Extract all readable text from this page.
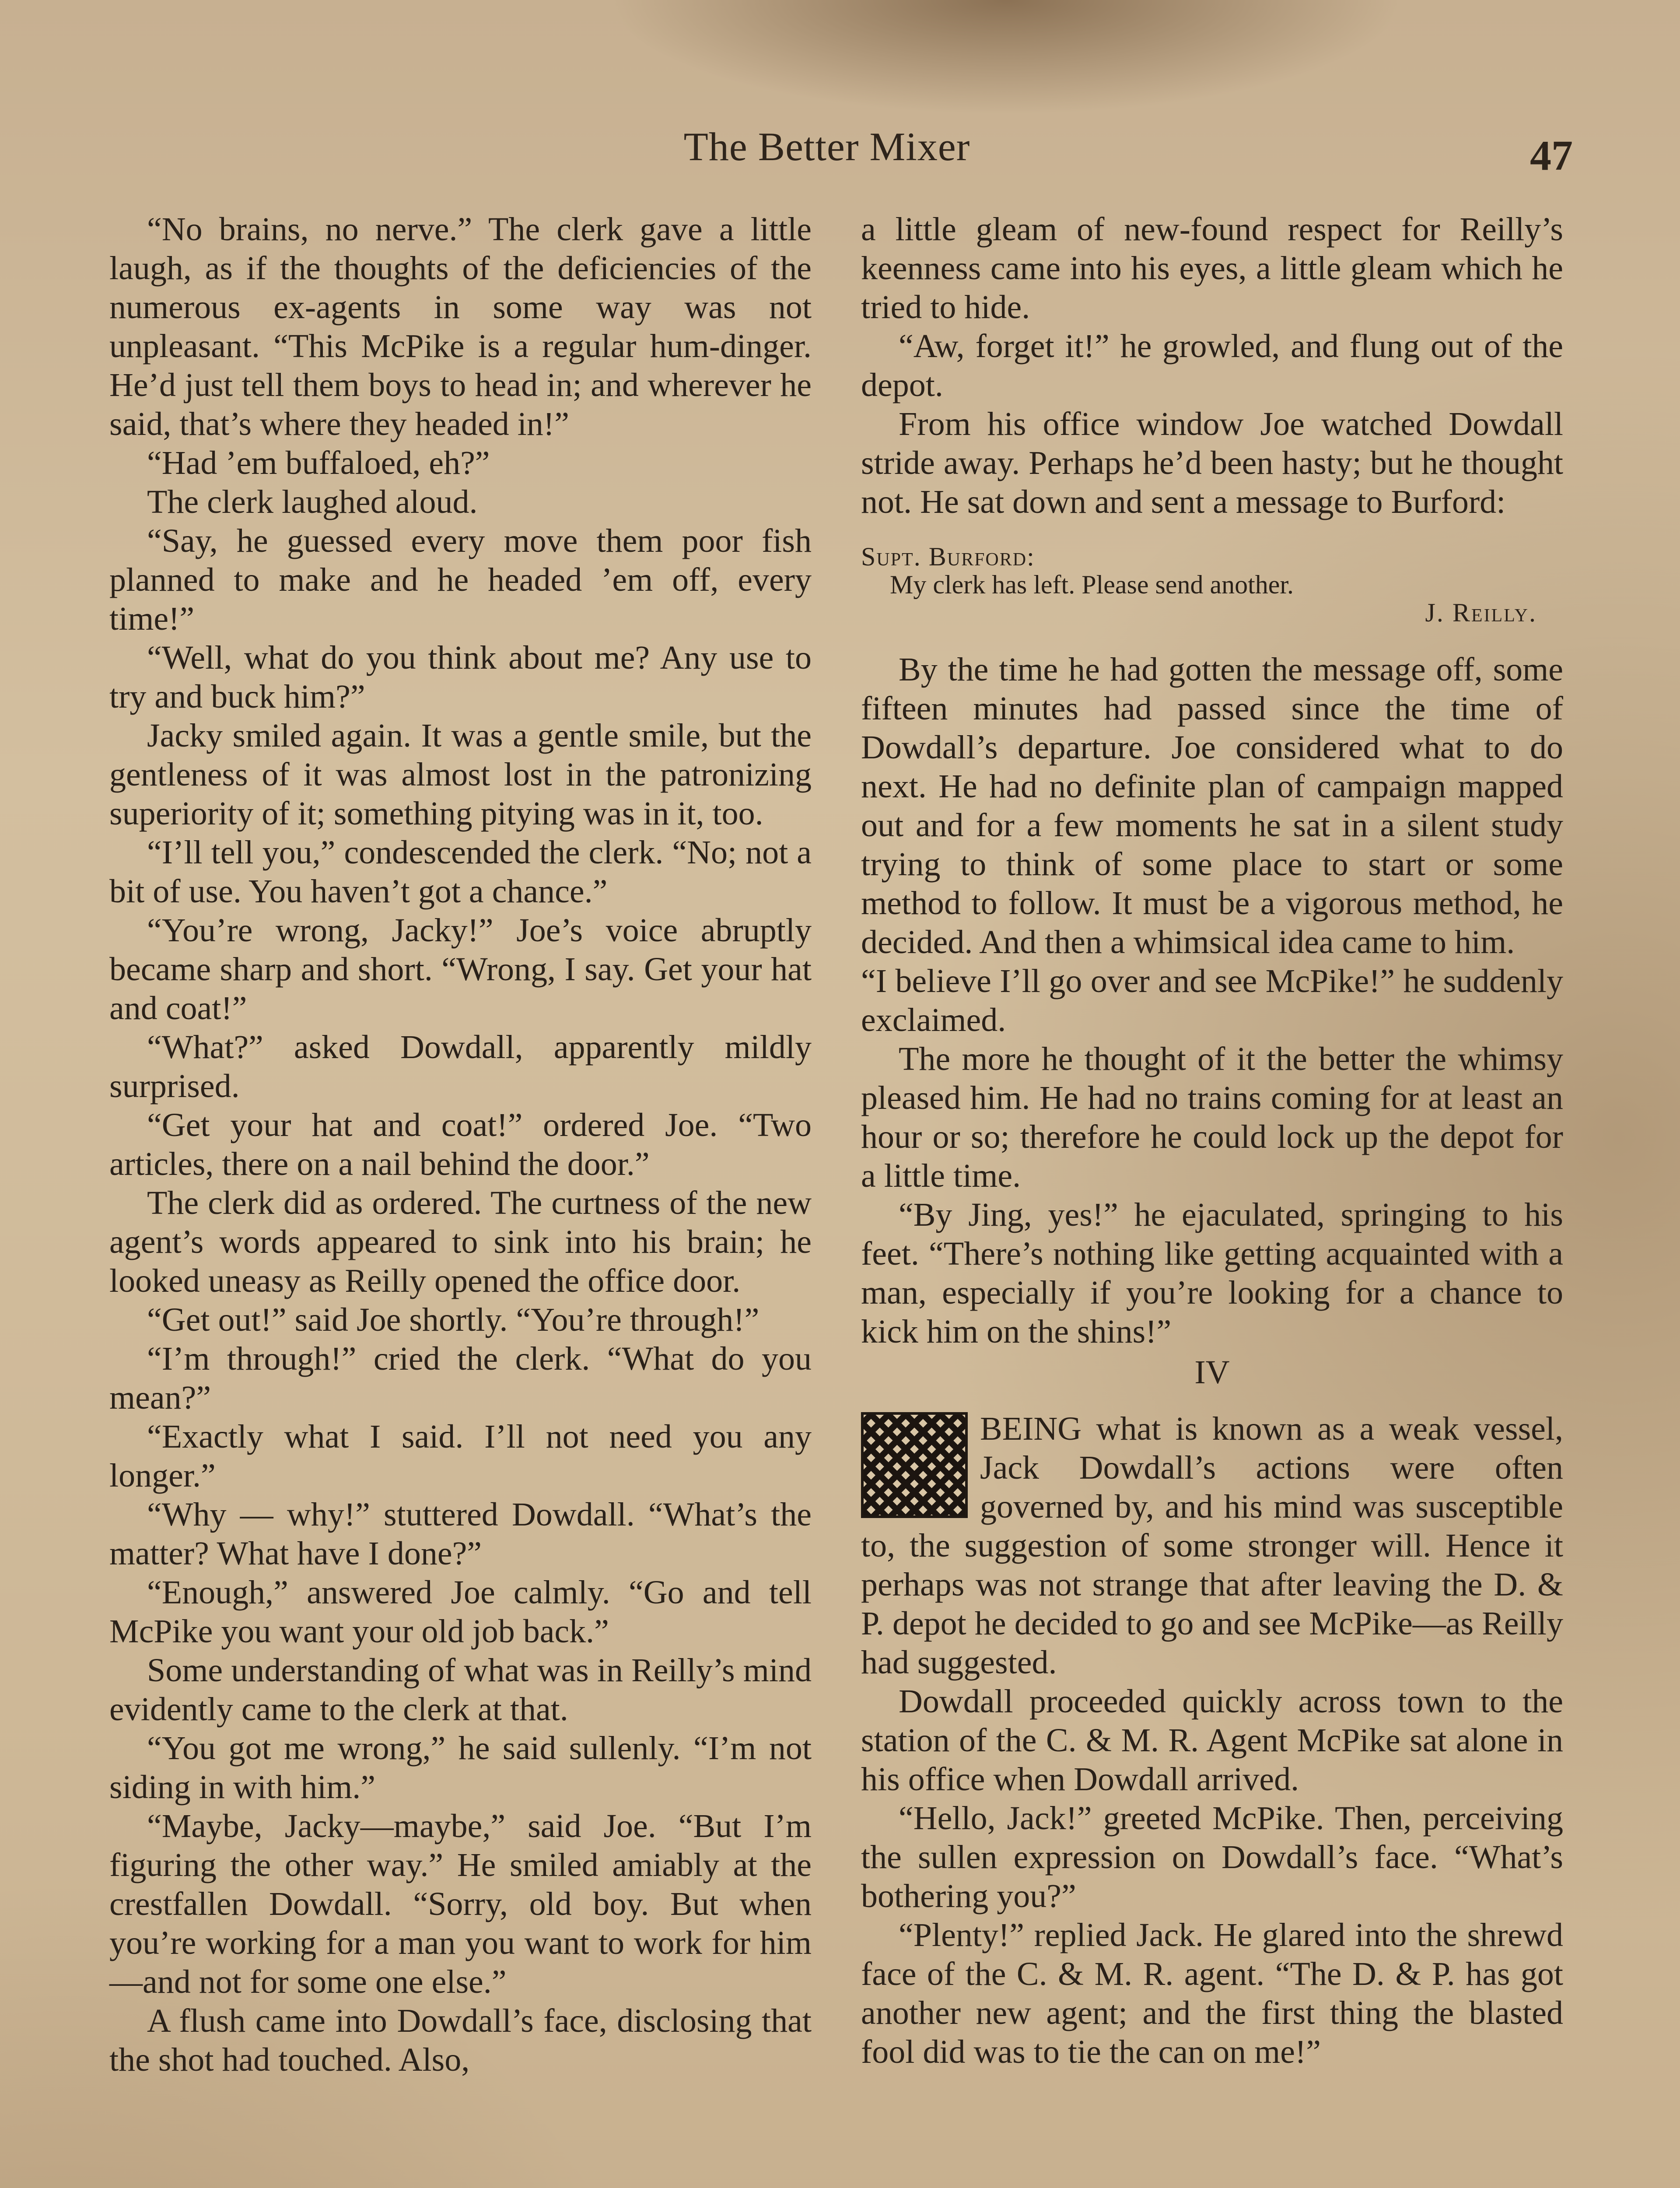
The Better Mixer	47

“No brains, no nerve.” The clerk gave a little laugh, as if the thoughts of the deficiencies of the numerous ex-agents in some way was not unpleasant. “This McPike is a regular hum-dinger. He’d just tell them boys to head in; and wherever he said, that’s where they headed in!”

“Had ’em buffaloed, eh?”

The clerk laughed aloud.

“Say, he guessed every move them poor fish planned to make and he headed ’em off, every time!”

“Well, what do you think about me? Any use to try and buck him?”

Jacky smiled again. It was a gentle smile, but the gentleness of it was almost lost in the patronizing superiority of it; something pitying was in it, too.

“I’ll tell you,” condescended the clerk. “No; not a bit of use. You haven’t got a chance.”

“You’re wrong, Jacky!” Joe’s voice abruptly became sharp and short. “Wrong, I say. Get your hat and coat!”

“What?” asked Dowdall, apparently mildly surprised.

“Get your hat and coat!” ordered Joe. “Two articles, there on a nail behind the door.”

The clerk did as ordered. The curtness of the new agent’s words appeared to sink into his brain; he looked uneasy as Reilly opened the office door.

“Get out!” said Joe shortly. “You’re through!”

“I’m through!” cried the clerk. “What do you mean?”

“Exactly what I said. I’ll not need you any longer.”

“Why — why!” stuttered Dowdall. “What’s the matter? What have I done?”

“Enough,” answered Joe calmly. “Go and tell McPike you want your old job back.”

Some understanding of what was in Reilly’s mind evidently came to the clerk at that.

“You got me wrong,” he said sullenly. “I’m not siding in with him.”

“Maybe, Jacky—maybe,” said Joe. “But I’m figuring the other way.” He smiled amiably at the crestfallen Dowdall. “Sorry, old boy. But when you’re working for a man you want to work for him—and not for some one else.”

A flush came into Dowdall’s face, disclosing that the shot had touched. Also,

a little gleam of new-found respect for Reilly’s keenness came into his eyes, a little gleam which he tried to hide.

“Aw, forget it!” he growled, and flung out of the depot.

From his office window Joe watched Dowdall stride away. Perhaps he’d been hasty; but he thought not. He sat down and sent a message to Burford:

Supt. Burford:
My clerk has left. Please send another.
J. Reilly.

By the time he had gotten the message off, some fifteen minutes had passed since the time of Dowdall’s departure. Joe considered what to do next. He had no definite plan of campaign mapped out and for a few moments he sat in a silent study trying to think of some place to start or some method to follow. It must be a vigorous method, he decided. And then a whimsical idea came to him.

“I believe I’ll go over and see McPike!” he suddenly exclaimed.

The more he thought of it the better the whimsy pleased him. He had no trains coming for at least an hour or so; therefore he could lock up the depot for a little time.

“By Jing, yes!” he ejaculated, springing to his feet. “There’s nothing like getting acquainted with a man, especially if you’re looking for a chance to kick him on the shins!”

IV

BEING what is known as a weak vessel, Jack Dowdall’s actions were often governed by, and his mind was susceptible to, the suggestion of some stronger will. Hence it perhaps was not strange that after leaving the D. & P. depot he decided to go and see McPike—as Reilly had suggested.

Dowdall proceeded quickly across town to the station of the C. & M. R. Agent McPike sat alone in his office when Dowdall arrived.

“Hello, Jack!” greeted McPike. Then, perceiving the sullen expression on Dowdall’s face. “What’s bothering you?”

“Plenty!” replied Jack. He glared into the shrewd face of the C. & M. R. agent. “The D. & P. has got another new agent; and the first thing the blasted fool did was to tie the can on me!”
